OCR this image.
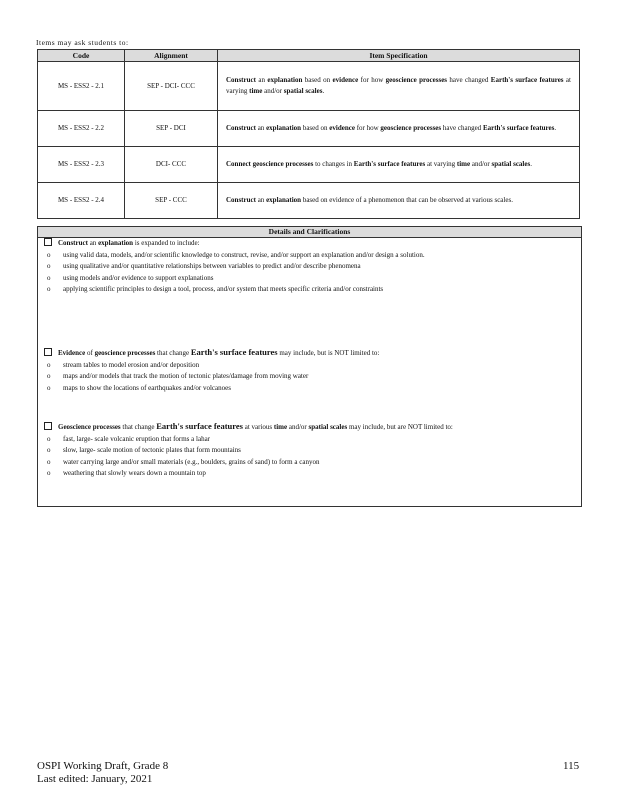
Items may ask students to:
Code	Alignment	Item Specification
MS - ESS2 - 2.1	SEP - DCI- CCC	Construct an explanation based on evidence for how geoscience processes have changed Earth's surface features at varying time and/or spatial scales.
MS - ESS2 - 2.2	SEP - DCI	Construct an explanation based on evidence for how geoscience processes have changed Earth's surface features.
MS - ESS2 - 2.3	DCI- CCC	Connect geoscience processes to changes in Earth's surface features at varying time and/or spatial scales.
MS - ESS2 - 2.4	SEP - CCC	Construct an explanation based on evidence of a phenomenon that can be observed at various scales.
Details and Clarifications
Construct an explanation is expanded to include:
o using valid data, models, and/or scientific knowledge to construct, revise, and/or support an explanation and/or design a solution.
o using qualitative and/or quantitative relationships between variables to predict and/or describe phenomena
o using models and/or evidence to support explanations
o applying scientific principles to design a tool, process, and/or system that meets specific criteria and/or constraints
Evidence of geoscience processes that change Earth's surface features may include, but is NOT limited to:
o stream tables to model erosion and/or deposition
o maps and/or models that track the motion of tectonic plates/damage from moving water
o maps to show the locations of earthquakes and/or volcanoes
Geoscience processes that change Earth's surface features at various time and/or spatial scales may include, but are NOT limited to:
o fast, large- scale volcanic eruption that forms a lahar
o slow, large- scale motion of tectonic plates that form mountains
o water carrying large and/or small materials (e.g., boulders, grains of sand) to form a canyon
o weathering that slowly wears down a mountain top
OSPI Working Draft, Grade 8
Last edited: January, 2021
115
